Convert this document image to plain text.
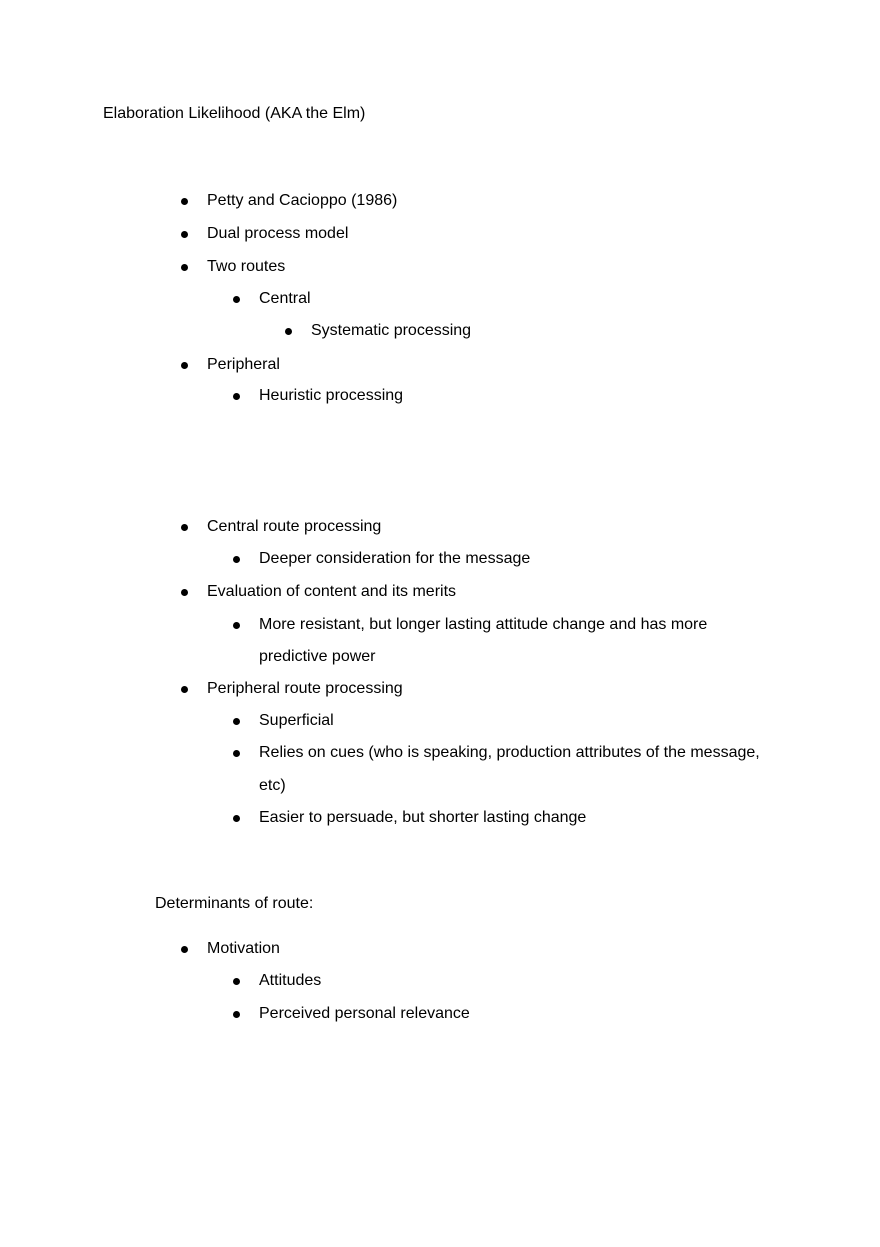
Elaboration Likelihood (AKA the Elm)
Petty and Cacioppo (1986)
Dual process model
Two routes
Central
Systematic processing
Peripheral
Heuristic processing
Central route processing
Deeper consideration for the message
Evaluation of content and its merits
More resistant, but longer lasting attitude change and has more
predictive power
Peripheral route processing
Superficial
Relies on cues (who is speaking, production attributes of the message,
etc)
Easier to persuade, but shorter lasting change
Determinants of route:
Motivation
Attitudes
Perceived personal relevance
